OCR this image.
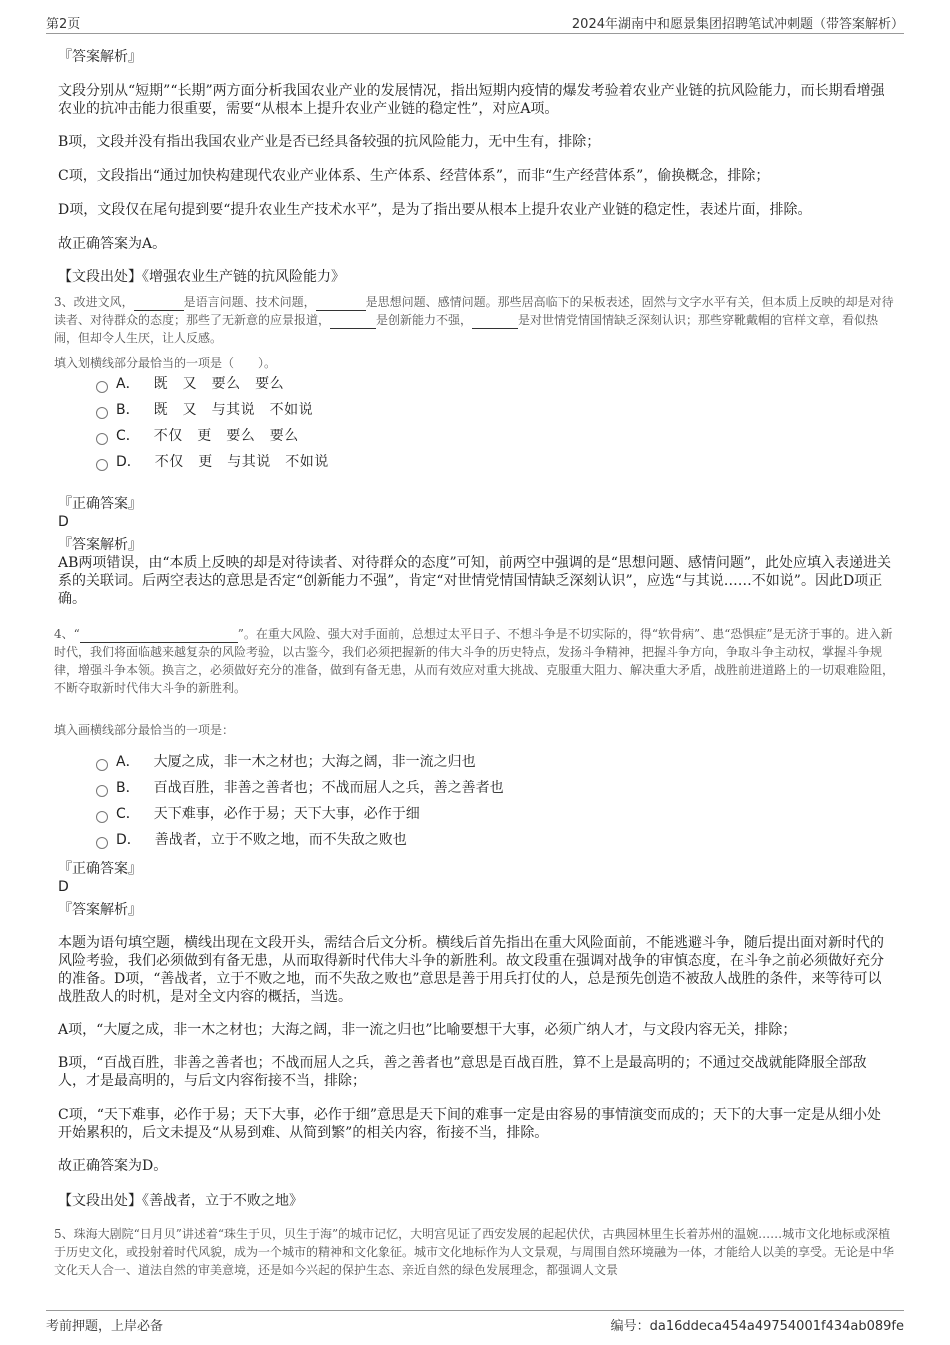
第2页	2024年湖南中和愿景集团招聘笔试冲刺题（带答案解析）
『答案解析』
文段分别从“短期”“长期”两方面分析我国农业产业的发展情况，指出短期内疫情的爆发考验着农业产业链的抗风险能力，而长期看增强农业的抗冲击能力很重要，需要“从根本上提升农业产业链的稳定性”，对应A项。
B项，文段并没有指出我国农业产业是否已经具备较强的抗风险能力，无中生有，排除；
C项，文段指出“通过加快构建现代农业产业体系、生产体系、经营体系”，而非“生产经营体系”，偷换概念，排除；
D项，文段仅在尾句提到要“提升农业生产技术水平”，是为了指出要从根本上提升农业产业链的稳定性，表述片面，排除。
故正确答案为A。
【文段出处】《增强农业生产链的抗风险能力》
3、改进文风，	是语言问题、技术问题，	是思想问题、感情问题。那些居高临下的呆板表述，固然与文字水平有关，但本质上反映的却是对待读者、对待群众的态度；那些了无新意的应景报道，	是创新能力不强，	是对世情党情国情缺乏深刻认识；那些穿靴戴帽的官样文章，看似热闹，但却令人生厌，让人反感。
填入划横线部分最恰当的一项是（　　）。
A． 既　又　要么　要么
B． 既　又　与其说　不如说
C． 不仅　更　要么　要么
D． 不仅　更　与其说　不如说
『正确答案』
D
『答案解析』
AB两项错误，由“本质上反映的却是对待读者、对待群众的态度”可知，前两空中强调的是“思想问题、感情问题”，此处应填入表递进关系的关联词。后两空表达的意思是否定“创新能力不强”，肯定“对世情党情国情缺乏深刻认识”，应选“与其说……不如说”。因此D项正确。
4、“	”。在重大风险、强大对手面前，总想过太平日子、不想斗争是不切实际的，得“软骨病”、患“恐惧症”是无济于事的。进入新时代，我们将面临越来越复杂的风险考验，以古鉴今，我们必须把握新的伟大斗争的历史特点，发扬斗争精神，把握斗争方向，争取斗争主动权，掌握斗争规律，增强斗争本领。换言之，必须做好充分的准备，做到有备无患，从而有效应对重大挑战、克服重大阻力、解决重大矛盾，战胜前进道路上的一切艰难险阻，不断夺取新时代伟大斗争的新胜利。
填入画横线部分最恰当的一项是：
A． 大厦之成，非一木之材也；大海之阔，非一流之归也
B． 百战百胜，非善之善者也；不战而屈人之兵，善之善者也
C． 天下难事，必作于易；天下大事，必作于细
D． 善战者，立于不败之地，而不失敌之败也
『正确答案』
D
『答案解析』
本题为语句填空题，横线出现在文段开头，需结合后文分析。横线后首先指出在重大风险面前，不能逃避斗争，随后提出面对新时代的风险考验，我们必须做到有备无患，从而取得新时代伟大斗争的新胜利。故文段重在强调对战争的审慎态度，在斗争之前必须做好充分的准备。D项，“善战者，立于不败之地，而不失敌之败也”意思是善于用兵打仗的人，总是预先创造不被敌人战胜的条件，来等待可以战胜敌人的时机，是对全文内容的概括，当选。
A项，“大厦之成，非一木之材也；大海之阔，非一流之归也”比喻要想干大事，必须广纳人才，与文段内容无关，排除；
B项，“百战百胜，非善之善者也；不战而屈人之兵，善之善者也”意思是百战百胜，算不上是最高明的；不通过交战就能降服全部敌人，才是最高明的，与后文内容衔接不当，排除；
C项，“天下难事，必作于易；天下大事，必作于细”意思是天下间的难事一定是由容易的事情演变而成的；天下的大事一定是从细小处开始累积的，后文未提及“从易到难、从简到繁”的相关内容，衔接不当，排除。
故正确答案为D。
【文段出处】《善战者，立于不败之地》
5、珠海大剧院“日月贝”讲述着“珠生于贝，贝生于海”的城市记忆，大明宫见证了西安发展的起起伏伏，古典园林里生长着苏州的温婉……城市文化地标或深植于历史文化，或投射着时代风貌，成为一个城市的精神和文化象征。城市文化地标作为人文景观，与周围自然环境融为一体，才能给人以美的享受。无论是中华文化天人合一、道法自然的审美意境，还是如今兴起的保护生态、亲近自然的绿色发展理念，都强调人文景
考前押题，上岸必备	编号：da16ddeca454a49754001f434ab089fe
